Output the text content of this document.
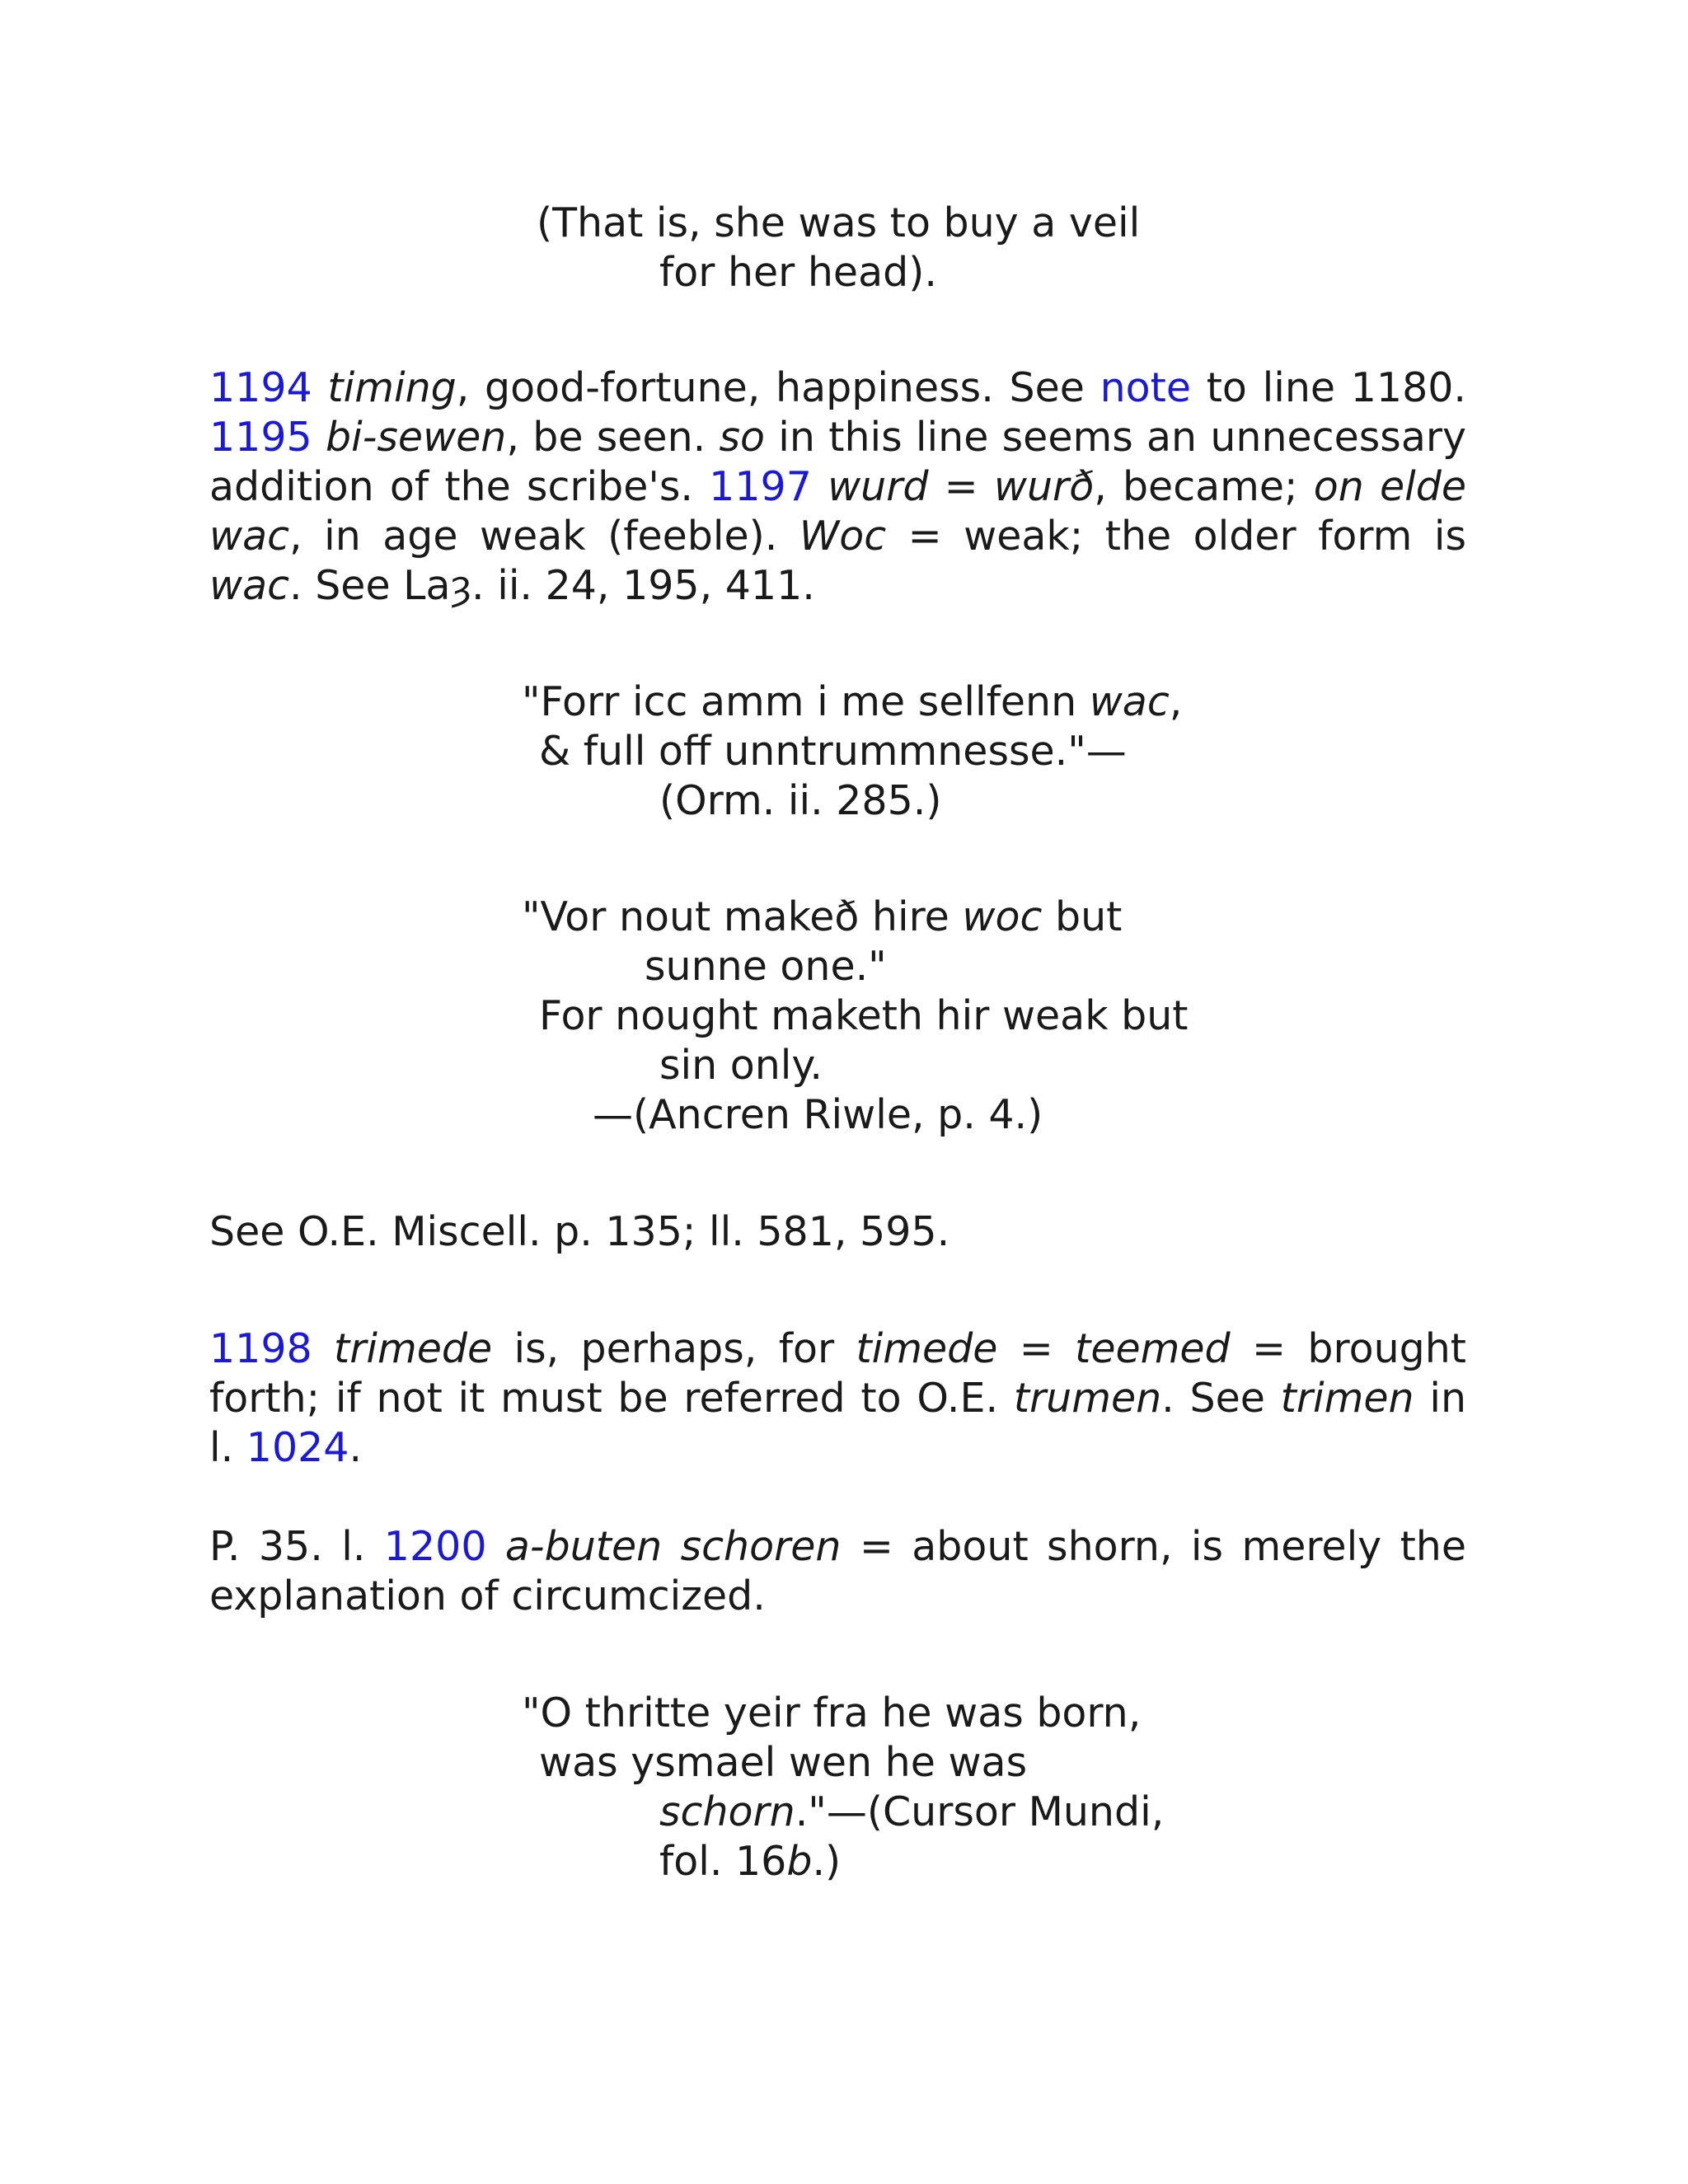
(That is, she was to buy a veil
for her head).
1194 timing, good-fortune, happiness. See note to line 1180. 1195 bi-sewen, be seen. so in this line seems an unnecessary addition of the scribe's. 1197 wurd = wurð, became; on elde wac, in age weak (feeble). Woc = weak; the older form is wac. See Laȝ. ii. 24, 195, 411.
"Forr icc amm i me sellfenn wac,
& full off unntrummnesse."—
(Orm. ii. 285.)
"Vor nout makeð hire woc but
sunne one."
For nought maketh hir weak but
sin only.
—(Ancren Riwle, p. 4.)
See O.E. Miscell. p. 135; ll. 581, 595.
1198 trimede is, perhaps, for timede = teemed = brought forth; if not it must be referred to O.E. trumen. See trimen in l. 1024.
P. 35. l. 1200 a-buten schoren = about shorn, is merely the explanation of circumcized.
"O thritte yeir fra he was born,
was ysmael wen he was
schorn."—(Cursor Mundi,
fol. 16b.)
